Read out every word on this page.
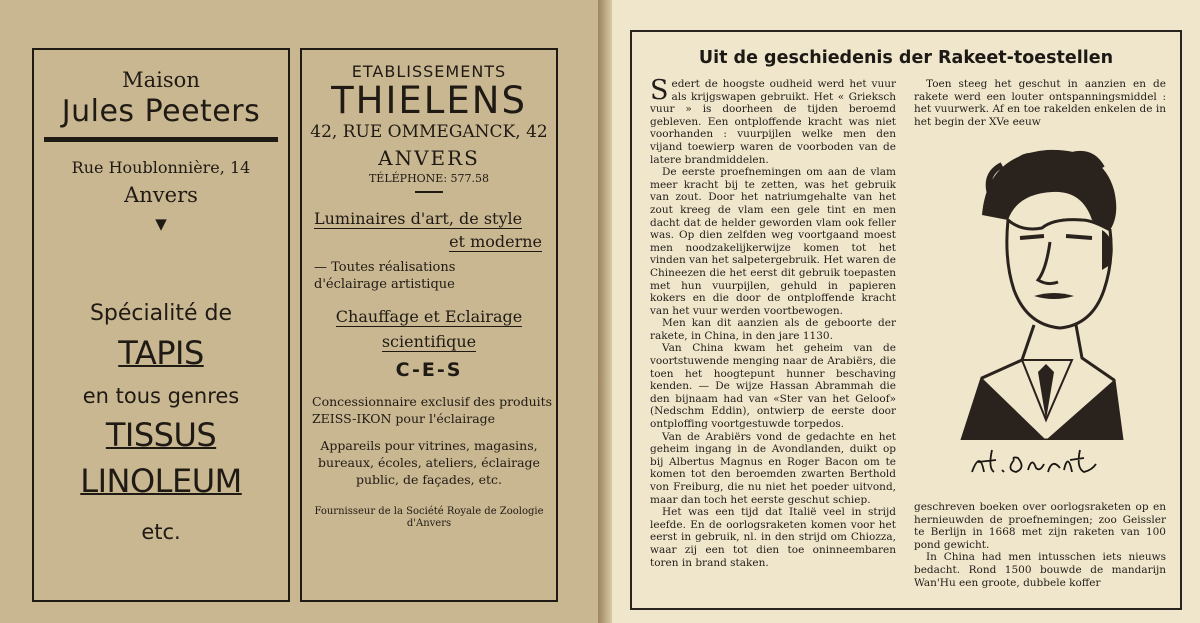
Maison
Jules Peeters
Rue Houblonnière, 14
Anvers
▼
Spécialité de
TAPIS
en tous genres
TISSUS
LINOLEUM
etc.
ETABLISSEMENTS
THIELENS
42, RUE OMMEGANCK, 42
ANVERS
TÉLÉPHONE: 577.58
Luminaires d'art, de style
et moderne
— Toutes réalisations
d'éclairage artistique
Chauffage et Eclairage
scientifique
C-E-S
Concessionnaire exclusif des produits
ZEISS-IKON pour l'éclairage
Appareils pour vitrines, magasins, bureaux, écoles, ateliers, éclairage public, de façades, etc.
Fournisseur de la Société Royale de Zoologie
d'Anvers
Uit de geschiedenis der Rakeet-toestellen

Sedert de hoogste oudheid werd het vuur als krijgswapen gebruikt. Het « Grieksch vuur » is doorheen de tijden beroemd gebleven. Een ontploffende kracht was niet voorhanden : vuurpijlen welke men den vijand toewierp waren de voorboden van de latere brandmiddelen.

De eerste proefnemingen om aan de vlam meer kracht bij te zetten, was het gebruik van zout. Door het natriumgehalte van het zout kreeg de vlam een gele tint en men dacht dat de helder geworden vlam ook feller was. Op dien zelfden weg voortgaand moest men noodzakelijkerwijze komen tot het vinden van het salpetergebruik. Het waren de Chineezen die het eerst dit gebruik toepasten met hun vuurpijlen, gehuld in papieren kokers en die door de ontploffende kracht van het vuur werden voortbewogen.

Men kan dit aanzien als de geboorte der rakete, in China, in den jare 1130.

Van China kwam het geheim van de voortstuwende menging naar de Arabiërs, die toen het hoogtepunt hunner beschaving kenden. — De wijze Hassan Abrammah die den bijnaam had van «Ster van het Geloof» (Nedschm Eddin), ontwierp de eerste door ontploffing voortgestuwde torpedos.

Van de Arabiërs vond de gedachte en het geheim ingang in de Avondlanden, duikt op bij Albertus Magnus en Roger Bacon om te komen tot den beroemden zwarten Berthold von Freiburg, die nu niet het poeder uitvond, maar dan toch het eerste geschut schiep.

Het was een tijd dat Italië veel in strijd leefde. En de oorlogsraketen komen voor het eerst in gebruik, nl. in den strijd om Chiozza, waar zij een tot dien toe oninneembaren toren in brand staken.

Toen steeg het geschut in aanzien en de rakete werd een louter ontspanningsmiddel : het vuurwerk. Af en toe rakelden enkelen de in het begin der XVe eeuw

geschreven boeken over oorlogsraketen op en hernieuwden de proefnemingen; zoo Geissler te Berlijn in 1668 met zijn raketen van 100 pond gewicht.

In China had men intusschen iets nieuws bedacht. Rond 1500 bouwde de mandarijn Wan'Hu een groote, dubbele koffer
